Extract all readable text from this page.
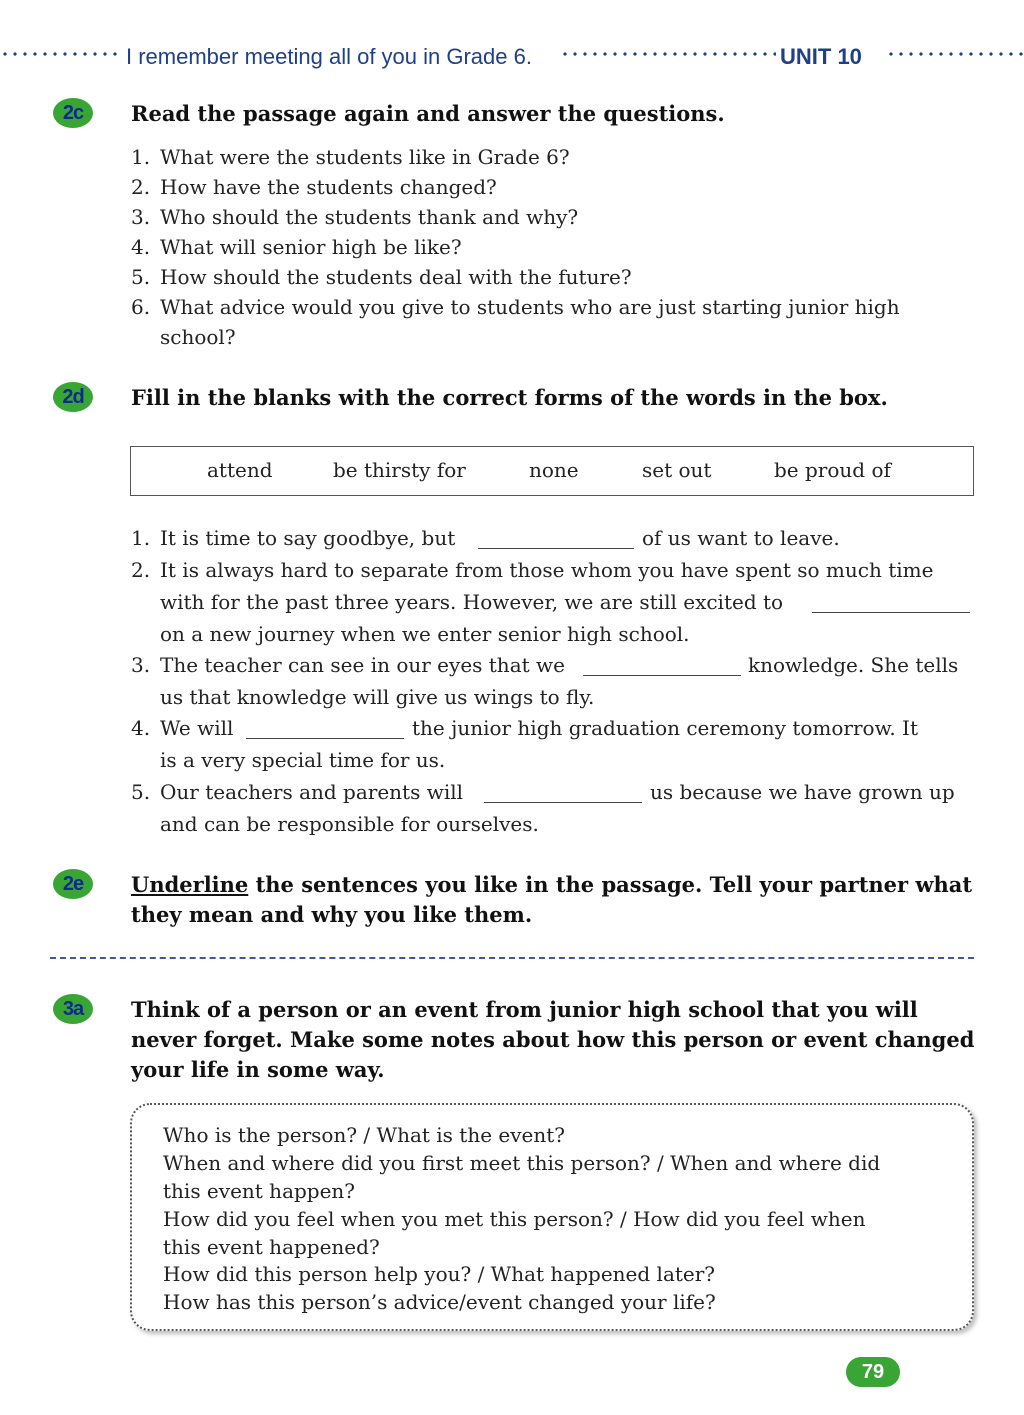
I remember meeting all of you in Grade 6.	UNIT 10
2c	Read the passage again and answer the questions.
1. What were the students like in Grade 6?
2. How have the students changed?
3. Who should the students thank and why?
4. What will senior high be like?
5. How should the students deal with the future?
6. What advice would you give to students who are just starting junior high
school?
2d	Fill in the blanks with the correct forms of the words in the box.
attend	be thirsty for	none	set out	be proud of
1. It is time to say goodbye, but	of us want to leave.
2. It is always hard to separate from those whom you have spent so much time
with for the past three years. However, we are still excited to
on a new journey when we enter senior high school.
3. The teacher can see in our eyes that we	knowledge. She tells
us that knowledge will give us wings to fly.
4. We will	the junior high graduation ceremony tomorrow. It
is a very special time for us.
5. Our teachers and parents will	us because we have grown up
and can be responsible for ourselves.
2e	Underline the sentences you like in the passage. Tell your partner what
they mean and why you like them.
3a	Think of a person or an event from junior high school that you will
never forget. Make some notes about how this person or event changed
your life in some way.
Who is the person? / What is the event?
When and where did you first meet this person? / When and where did
this event happen?
How did you feel when you met this person? / How did you feel when
this event happened?
How did this person help you? / What happened later?
How has this person’s advice/event changed your life?
79
